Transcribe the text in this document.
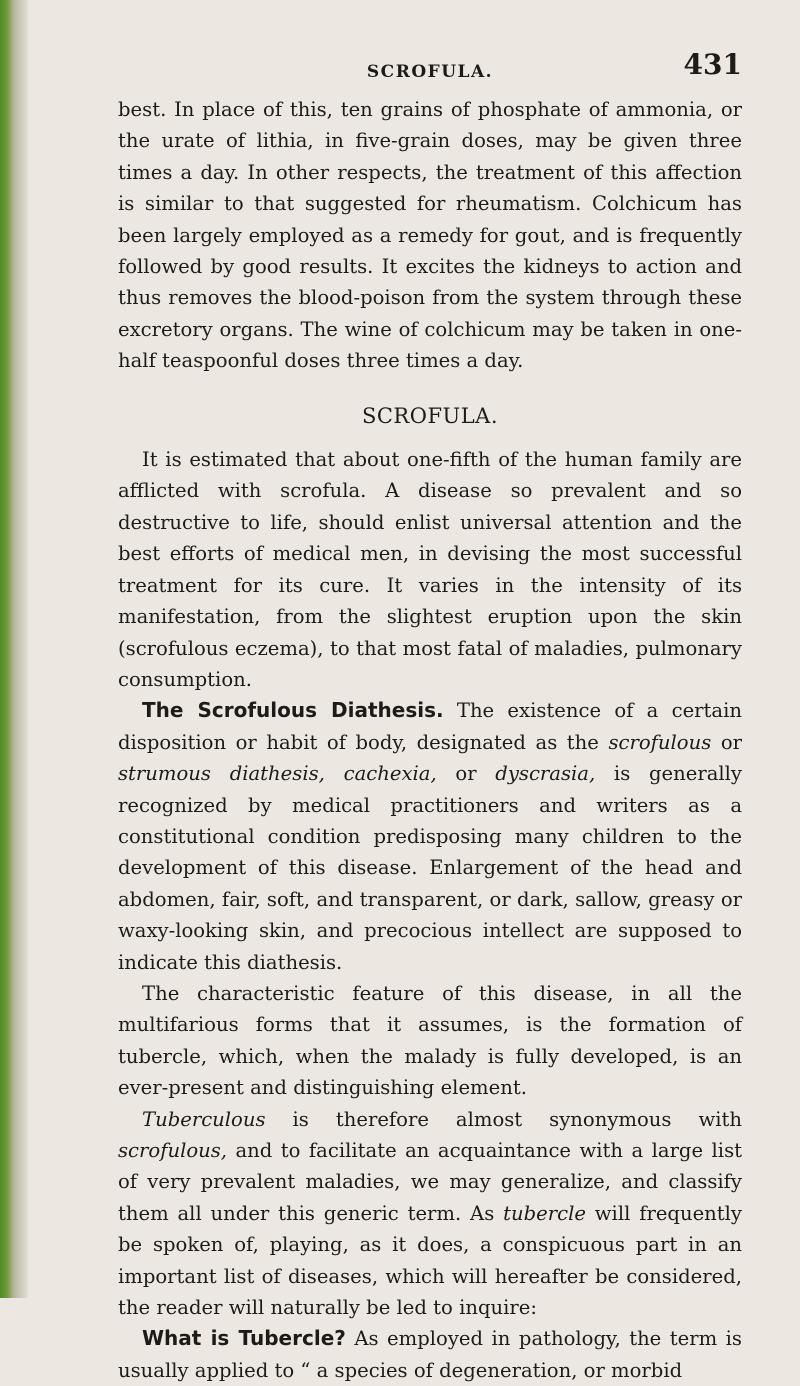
SCROFULA.	431

best. In place of this, ten grains of phosphate of ammonia, or the urate of lithia, in five-grain doses, may be given three times a day. In other respects, the treatment of this affection is similar to that suggested for rheumatism. Colchicum has been largely employed as a remedy for gout, and is frequently followed by good results. It excites the kidneys to action and thus removes the blood-poison from the system through these excretory organs. The wine of colchicum may be taken in one-half teaspoonful doses three times a day.

SCROFULA.

It is estimated that about one-fifth of the human family are afflicted with scrofula. A disease so prevalent and so destructive to life, should enlist universal attention and the best efforts of medical men, in devising the most successful treatment for its cure. It varies in the intensity of its manifestation, from the slightest eruption upon the skin (scrofulous eczema), to that most fatal of maladies, pulmonary consumption.

The Scrofulous Diathesis. The existence of a certain disposition or habit of body, designated as the scrofulous or strumous diathesis, cachexia, or dyscrasia, is generally recognized by medical practitioners and writers as a constitutional condition predisposing many children to the development of this disease. Enlargement of the head and abdomen, fair, soft, and transparent, or dark, sallow, greasy or waxy-looking skin, and precocious intellect are supposed to indicate this diathesis.

The characteristic feature of this disease, in all the multifarious forms that it assumes, is the formation of tubercle, which, when the malady is fully developed, is an ever-present and distinguishing element.

Tuberculous is therefore almost synonymous with scrofulous, and to facilitate an acquaintance with a large list of very prevalent maladies, we may generalize, and classify them all under this generic term. As tubercle will frequently be spoken of, playing, as it does, a conspicuous part in an important list of diseases, which will hereafter be considered, the reader will naturally be led to inquire:

What is Tubercle? As employed in pathology, the term is usually applied to “ a species of degeneration, or morbid
